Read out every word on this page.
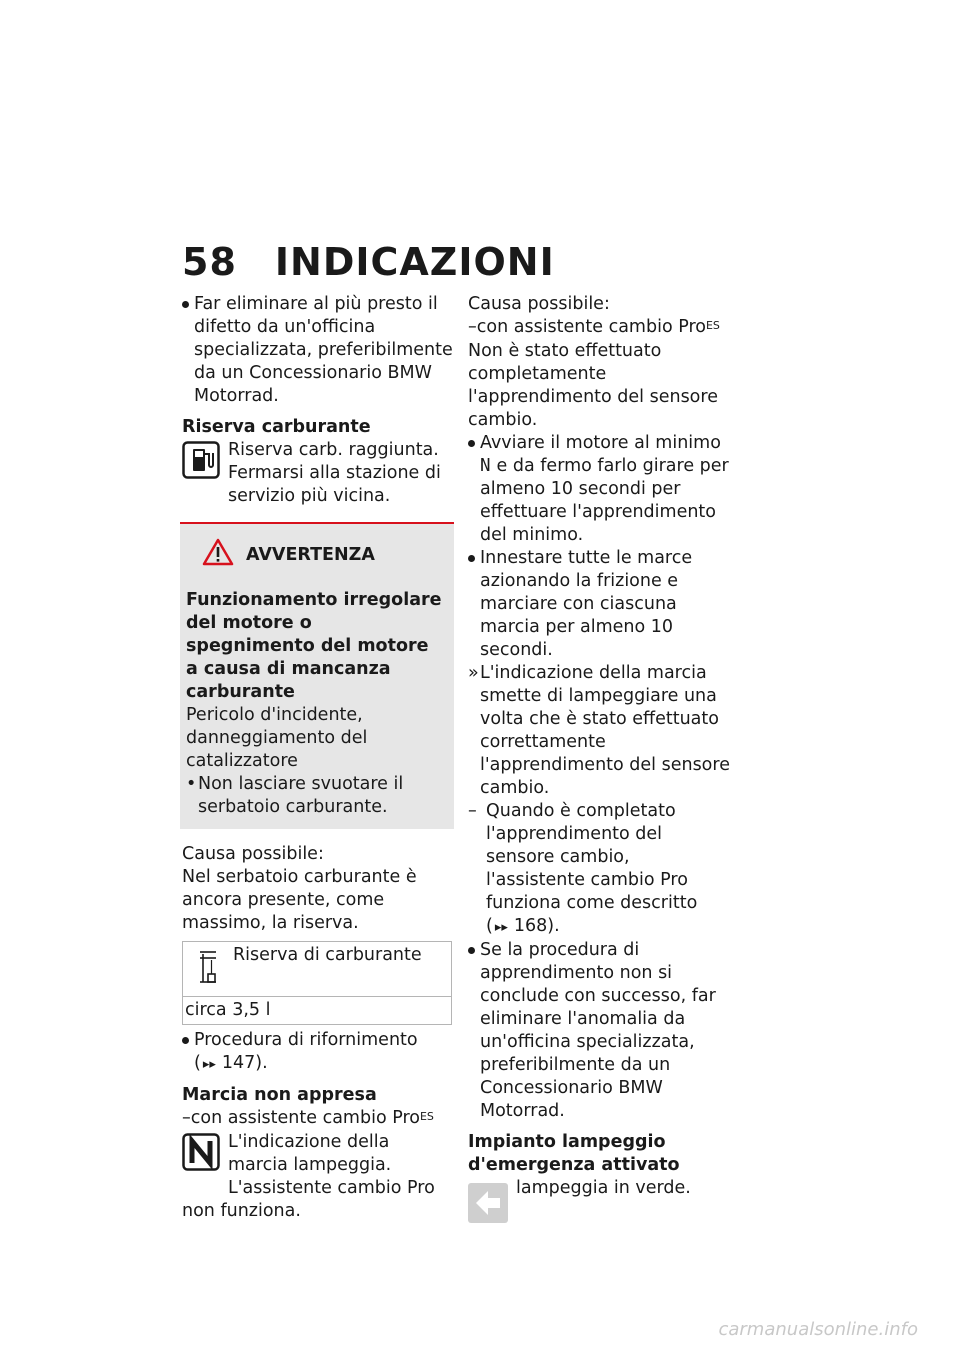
58 INDICAZIONI

Far eliminare al più presto il difetto da un'officina specializzata, preferibilmente da un Concessionario BMW Motorrad.

Riserva carburante

Riserva carb. raggiunta. Fermarsi alla stazione di servizio più vicina.

AVVERTENZA

Funzionamento irregolare del motore o spegnimento del motore a causa di mancanza carburante

Pericolo d'incidente, danneggiamento del catalizzatore

• Non lasciare svuotare il serbatoio carburante.

Causa possibile:

Nel serbatoio carburante è ancora presente, come massimo, la riserva.

Riserva di carburante
circa 3,5 l
Procedura di rifornimento
( ▸▸ 147).

Marcia non appresa

–con assistente cambio Pro$^{ES}$

L'indicazione della marcia lampeggia. L'assistente cambio Pro non funziona.

Causa possibile:

–con assistente cambio Pro$^{ES}$

Non è stato effettuato completamente l'apprendimento del sensore cambio.

Avviare il motore al minimo
N e da fermo farlo girare per almeno 10 secondi per effettuare l'apprendimento del minimo.

Innestare tutte le marce azionando la frizione e marciare con ciascuna marcia per almeno 10 secondi.

» L'indicazione della marcia smette di lampeggiare una volta che è stato effettuato correttamente l'apprendimento del sensore cambio.

– Quando è completato l'apprendimento del sensore cambio, l'assistente cambio Pro funziona come descritto
( ▸▸ 168).

Se la procedura di apprendimento non si conclude con successo, far eliminare l'anomalia da un'officina specializzata, preferibilmente da un Concessionario BMW Motorrad.

Impianto lampeggio d'emergenza attivato

lampeggia in verde.

carmanualsonline.info
